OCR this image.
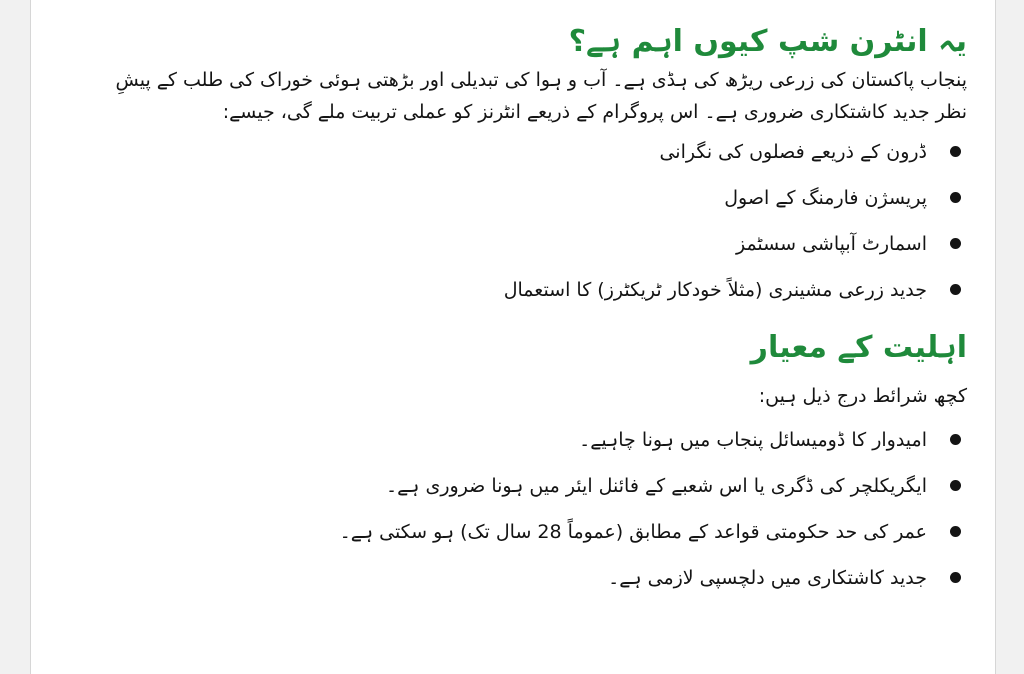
یہ انٹرن شپ کیوں اہم ہے؟

پنجاب پاکستان کی زرعی ریڑھ کی ہڈی ہے۔ آب و ہوا کی تبدیلی اور بڑھتی ہوئی خوراک کی طلب کے پیشِ نظر جدید کاشتکاری ضروری ہے۔ اس پروگرام کے ذریعے انٹرنز کو عملی تربیت ملے گی، جیسے:

ڈرون کے ذریعے فصلوں کی نگرانی
پریسژن فارمنگ کے اصول
اسمارٹ آبپاشی سسٹمز
جدید زرعی مشینری (مثلاً خودکار ٹریکٹرز) کا استعمال
اہلیت کے معیار

کچھ شرائط درج ذیل ہیں:

امیدوار کا ڈومیسائل پنجاب میں ہونا چاہیے۔
ایگریکلچر کی ڈگری یا اس شعبے کے فائنل ایئر میں ہونا ضروری ہے۔
عمر کی حد حکومتی قواعد کے مطابق (عموماً 28 سال تک) ہو سکتی ہے۔
جدید کاشتکاری میں دلچسپی لازمی ہے۔
